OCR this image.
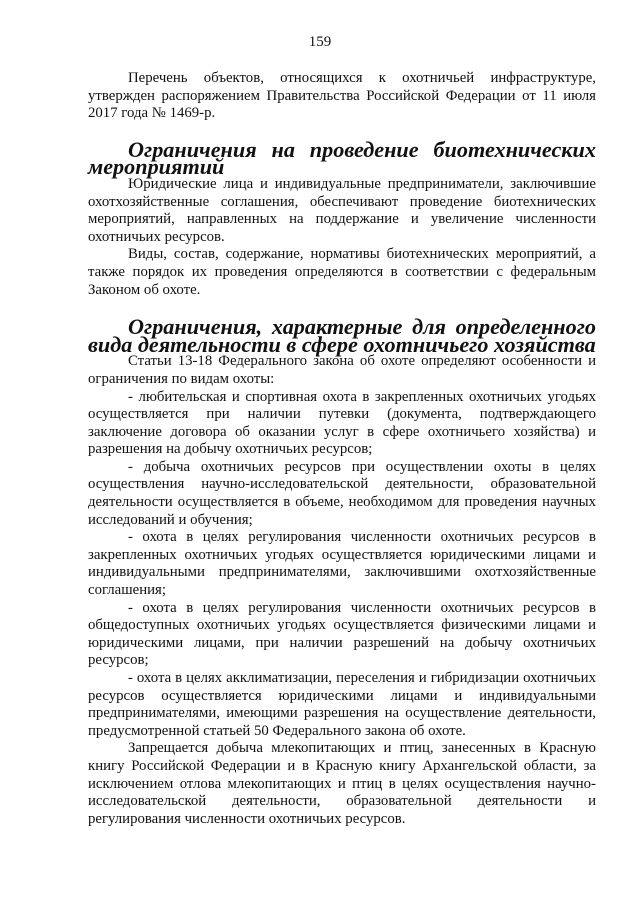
159

Перечень объектов, относящихся к охотничьей инфраструктуре, утвержден распоряжением Правительства Российской Федерации от 11 июля 2017 года № 1469-р.

Ограничения на проведение биотехнических мероприятий

Юридические лица и индивидуальные предприниматели, заключившие охотхозяйственные соглашения, обеспечивают проведение биотехнических мероприятий, направленных на поддержание и увеличение численности охотничьих ресурсов.

Виды, состав, содержание, нормативы биотехнических мероприятий, а также порядок их проведения определяются в соответствии с федеральным Законом об охоте.

Ограничения, характерные для определенного вида деятельности в сфере охотничьего хозяйства

Статьи 13-18 Федерального закона об охоте определяют особенности и ограничения по видам охоты:

- любительская и спортивная охота в закрепленных охотничьих угодьях осуществляется при наличии путевки (документа, подтверждающего заключение договора об оказании услуг в сфере охотничьего хозяйства) и разрешения на добычу охотничьих ресурсов;

- добыча охотничьих ресурсов при осуществлении охоты в целях осуществления научно-исследовательской деятельности, образовательной деятельности осуществляется в объеме, необходимом для проведения научных исследований и обучения;

- охота в целях регулирования численности охотничьих ресурсов в закрепленных охотничьих угодьях осуществляется юридическими лицами и индивидуальными предпринимателями, заключившими охотхозяйственные соглашения;

- охота в целях регулирования численности охотничьих ресурсов в общедоступных охотничьих угодьях осуществляется физическими лицами и юридическими лицами, при наличии разрешений на добычу охотничьих ресурсов;

- охота в целях акклиматизации, переселения и гибридизации охотничьих ресурсов осуществляется юридическими лицами и индивидуальными предпринимателями, имеющими разрешения на осуществление деятельности, предусмотренной статьей 50 Федерального закона об охоте.

Запрещается добыча млекопитающих и птиц, занесенных в Красную книгу Российской Федерации и в Красную книгу Архангельской области, за исключением отлова млекопитающих и птиц в целях осуществления научно-исследовательской деятельности, образовательной деятельности и регулирования численности охотничьих ресурсов.
